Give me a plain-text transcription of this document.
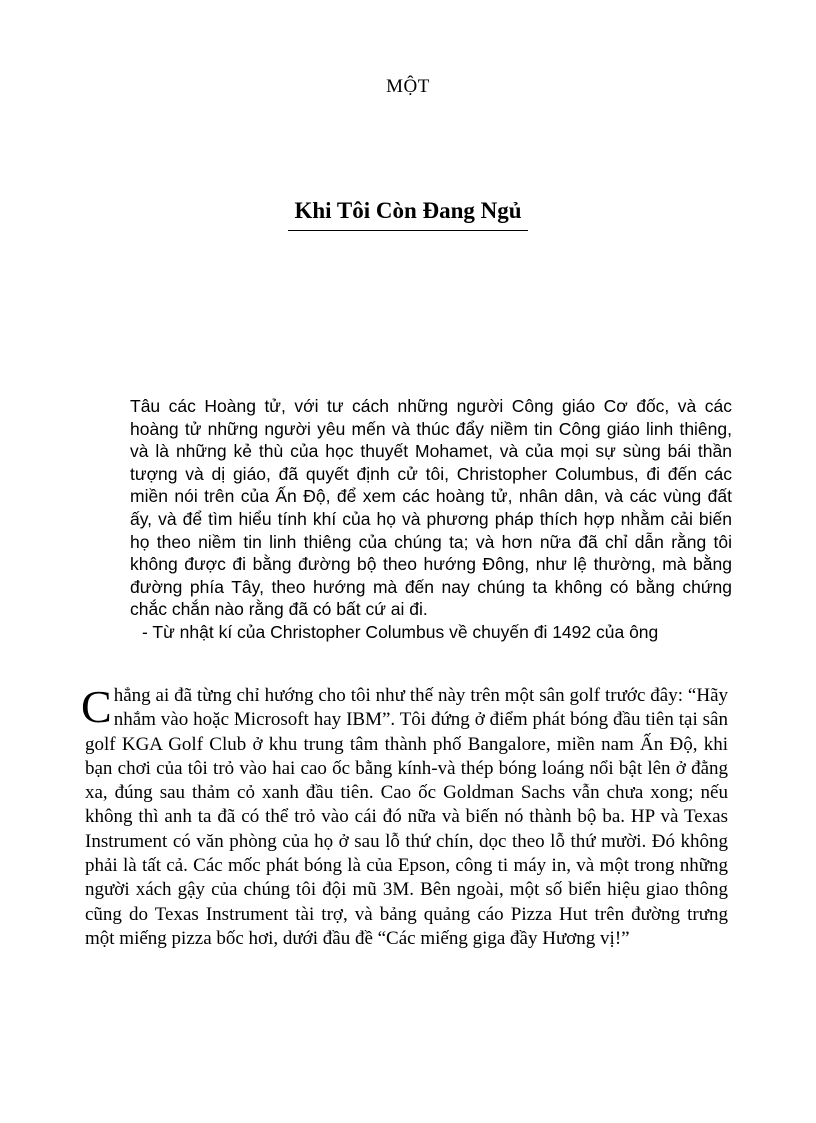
MỘT
Khi Tôi Còn Đang Ngủ

Tâu các Hoàng tử, với tư cách những người Công giáo Cơ đốc, và các hoàng tử những người yêu mến và thúc đẩy niềm tin Công giáo linh thiêng, và là những kẻ thù của học thuyết Mohamet, và của mọi sự sùng bái thần tượng và dị giáo, đã quyết định cử tôi, Christopher Columbus, đi đến các miền nói trên của Ấn Độ, để xem các hoàng tử, nhân dân, và các vùng đất ấy, và để tìm hiểu tính khí của họ và phương pháp thích hợp nhằm cải biến họ theo niềm tin linh thiêng của chúng ta; và hơn nữa đã chỉ dẫn rằng tôi không được đi bằng đường bộ theo hướng Đông, như lệ thường, mà bằng đường phía Tây, theo hướng mà đến nay chúng ta không có bằng chứng chắc chắn nào rằng đã có bất cứ ai đi.

- Từ nhật kí của Christopher Columbus về chuyến đi 1492 của ông

Chẳng ai đã từng chỉ hướng cho tôi như thế này trên một sân golf trước đây: “Hãy nhắm vào hoặc Microsoft hay IBM”. Tôi đứng ở điểm phát bóng đầu tiên tại sân golf KGA Golf Club ở khu trung tâm thành phố Bangalore, miền nam Ấn Độ, khi bạn chơi của tôi trỏ vào hai cao ốc bằng kính-và thép bóng loáng nổi bật lên ở đằng xa, đúng sau thảm cỏ xanh đầu tiên. Cao ốc Goldman Sachs vẫn chưa xong; nếu không thì anh ta đã có thể trỏ vào cái đó nữa và biến nó thành bộ ba. HP và Texas Instrument có văn phòng của họ ở sau lỗ thứ chín, dọc theo lỗ thứ mười. Đó không phải là tất cả. Các mốc phát bóng là của Epson, công ti máy in, và một trong những người xách gậy của chúng tôi đội mũ 3M. Bên ngoài, một số biển hiệu giao thông cũng do Texas Instrument tài trợ, và bảng quảng cáo Pizza Hut trên đường trưng một miếng pizza bốc hơi, dưới đầu đề “Các miếng giga đầy Hương vị!”
